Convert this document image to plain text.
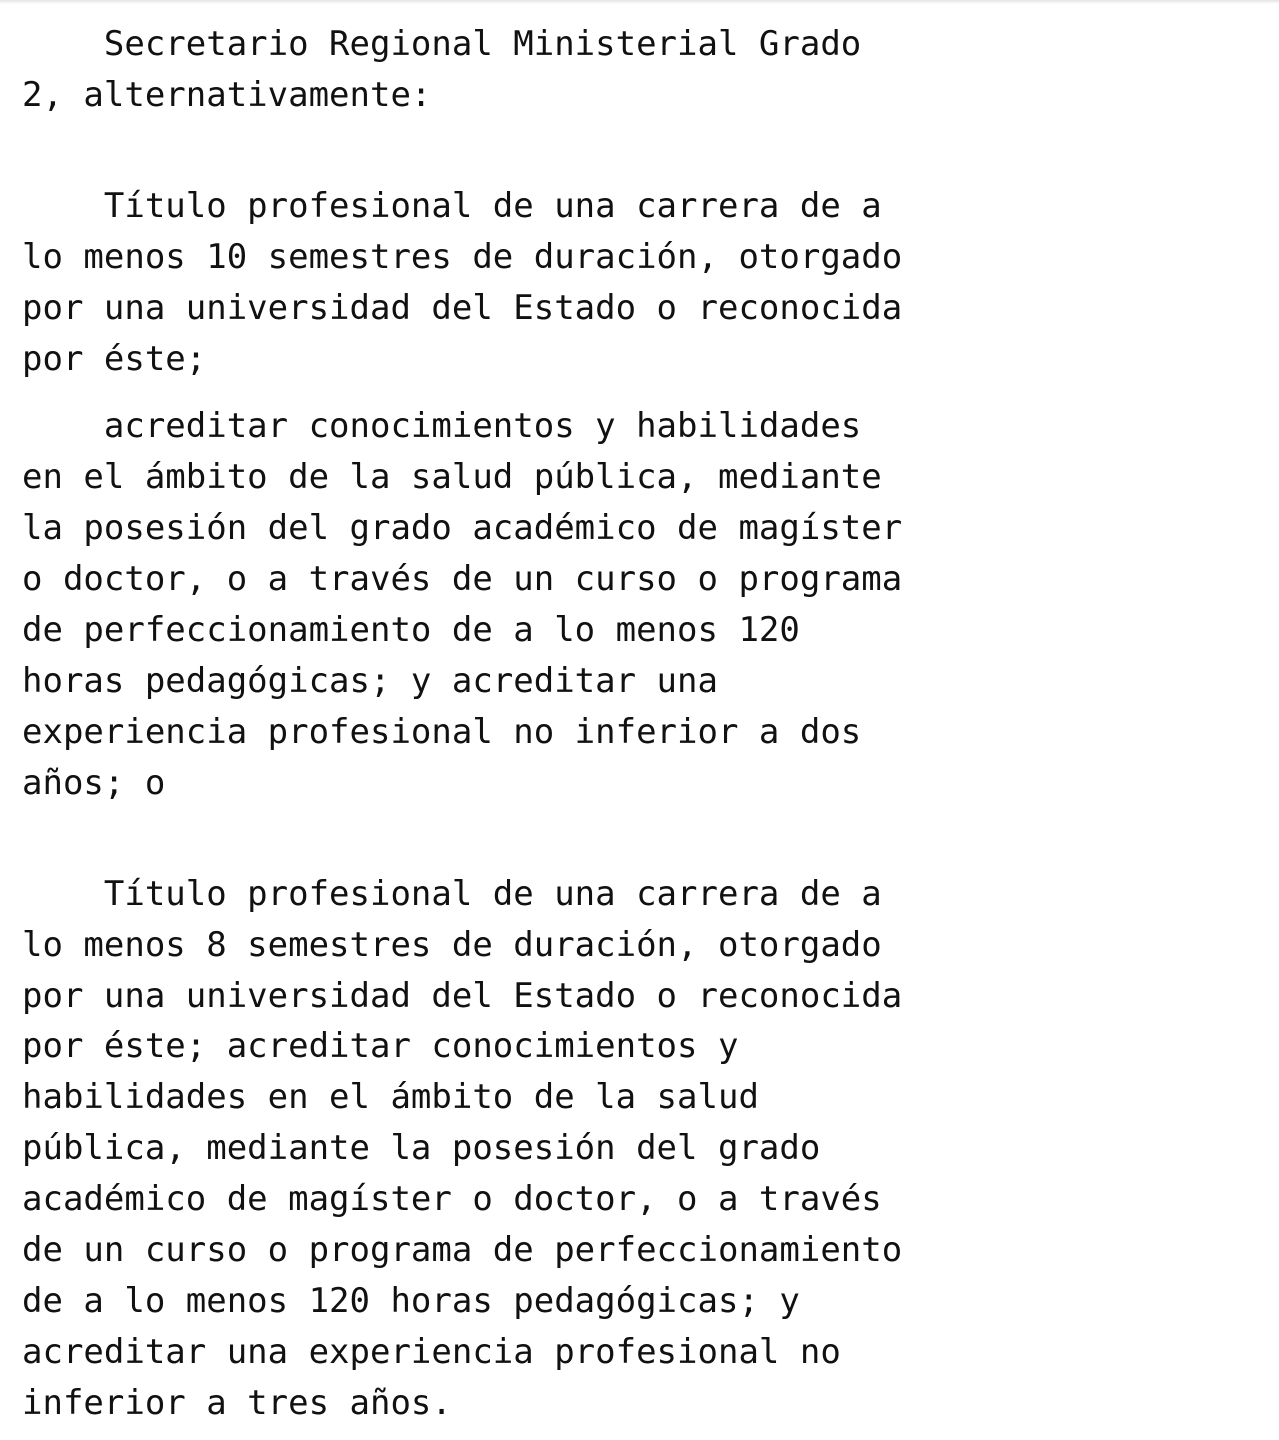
Secretario Regional Ministerial Grado
2, alternativamente:

Título profesional de una carrera de a
lo menos 10 semestres de duración, otorgado
por una universidad del Estado o reconocida
por éste;

acreditar conocimientos y habilidades
en el ámbito de la salud pública, mediante
la posesión del grado académico de magíster
o doctor, o a través de un curso o programa
de perfeccionamiento de a lo menos 120
horas pedagógicas; y acreditar una
experiencia profesional no inferior a dos
años; o

Título profesional de una carrera de a
lo menos 8 semestres de duración, otorgado
por una universidad del Estado o reconocida
por éste; acreditar conocimientos y
habilidades en el ámbito de la salud
pública, mediante la posesión del grado
académico de magíster o doctor, o a través
de un curso o programa de perfeccionamiento
de a lo menos 120 horas pedagógicas; y
acreditar una experiencia profesional no
inferior a tres años.
